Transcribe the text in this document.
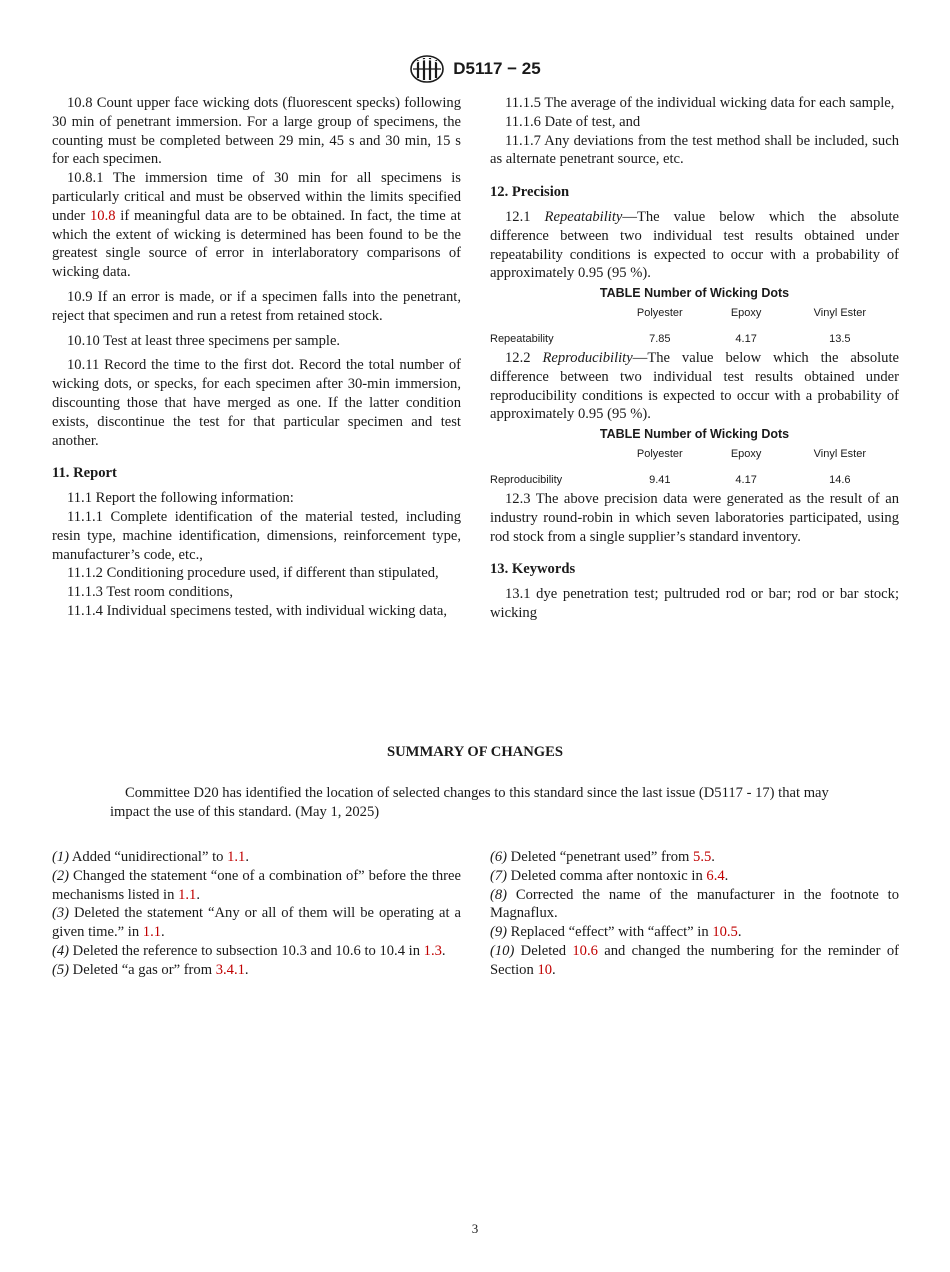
D5117 − 25

10.8 Count upper face wicking dots (fluorescent specks) following 30 min of penetrant immersion. For a large group of specimens, the counting must be completed between 29 min, 45 s and 30 min, 15 s for each specimen.

10.8.1 The immersion time of 30 min for all specimens is particularly critical and must be observed within the limits specified under 10.8 if meaningful data are to be obtained. In fact, the time at which the extent of wicking is determined has been found to be the greatest single source of error in interlaboratory comparisons of wicking data.

10.9 If an error is made, or if a specimen falls into the penetrant, reject that specimen and run a retest from retained stock.

10.10 Test at least three specimens per sample.

10.11 Record the time to the first dot. Record the total number of wicking dots, or specks, for each specimen after 30-min immersion, discounting those that have merged as one. If the latter condition exists, discontinue the test for that particular specimen and test another.

11. Report

11.1 Report the following information:

11.1.1 Complete identification of the material tested, including resin type, machine identification, dimensions, reinforcement type, manufacturer’s code, etc.,

11.1.2 Conditioning procedure used, if different than stipulated,

11.1.3 Test room conditions,

11.1.4 Individual specimens tested, with individual wicking data,

11.1.5 The average of the individual wicking data for each sample,

11.1.6 Date of test, and

11.1.7 Any deviations from the test method shall be included, such as alternate penetrant source, etc.

12. Precision

12.1 Repeatability—The value below which the absolute difference between two individual test results obtained under repeatability conditions is expected to occur with a probability of approximately 0.95 (95 %).

TABLE Number of Wicking Dots
	Polyester	Epoxy	Vinyl Ester
Repeatability	7.85	4.17	13.5

12.2 Reproducibility—The value below which the absolute difference between two individual test results obtained under reproducibility conditions is expected to occur with a probability of approximately 0.95 (95 %).

TABLE Number of Wicking Dots
	Polyester	Epoxy	Vinyl Ester
Reproducibility	9.41	4.17	14.6

12.3 The above precision data were generated as the result of an industry round-robin in which seven laboratories participated, using rod stock from a single supplier’s standard inventory.

13. Keywords

13.1 dye penetration test; pultruded rod or bar; rod or bar stock; wicking

SUMMARY OF CHANGES

Committee D20 has identified the location of selected changes to this standard since the last issue (D5117 - 17) that may impact the use of this standard. (May 1, 2025)

(1) Added “unidirectional” to 1.1.

(2) Changed the statement “one of a combination of” before the three mechanisms listed in 1.1.

(3) Deleted the statement “Any or all of them will be operating at a given time.” in 1.1.

(4) Deleted the reference to subsection 10.3 and 10.6 to 10.4 in 1.3.

(5) Deleted “a gas or” from 3.4.1.

(6) Deleted “penetrant used” from 5.5.

(7) Deleted comma after nontoxic in 6.4.

(8) Corrected the name of the manufacturer in the footnote to Magnaflux.

(9) Replaced “effect” with “affect” in 10.5.

(10) Deleted 10.6 and changed the numbering for the reminder of Section 10.

3
